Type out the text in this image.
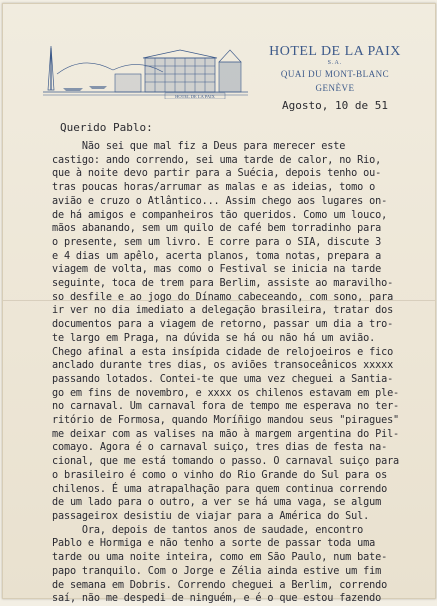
HOTEL DE LA PAIX
HOTEL DE LA PAIX
S.A.
QUAI DU MONT-BLANC
GENÈVE
Agosto, 10 de 51
Querido Pablo:
Não sei que mal fiz a Deus para merecer este
castigo: ando correndo, sei uma tarde de calor, no Rio,
que à noite devo partir para a Suécia, depois tenho ou-
tras poucas horas/arrumar as malas e as ideias, tomo o
avião e cruzo o Atlântico... Assim chego aos lugares on-
de há amigos e companheiros tão queridos. Como um louco,
mãos abanando, sem um quilo de café bem torradinho para
o presente, sem um livro. E corre para o SIA, discute 3
e 4 dias um apêlo, acerta planos, toma notas, prepara a
viagem de volta, mas como o Festival se inicia na tarde
seguinte, toca de trem para Berlim, assiste ao maravilho-
so desfile e ao jogo do Dínamo cabeceando, com sono, para
ir ver no dia imediato a delegação brasileira, tratar dos
documentos para a viagem de retorno, passar um dia a tro-
te largo em Praga, na dúvida se há ou não há um avião.
Chego afinal a esta insípida cidade de relojoeiros e fico
anclado durante tres dias, os aviões transoceânicos xxxxx
passando lotados. Contei-te que uma vez cheguei a Santia-
go em fins de novembro, e xxxx os chilenos estavam em ple-
no carnaval. Um carnaval fora de tempo me esperava no ter-
ritório de Formosa, quando Moríñigo mandou seus "piragues"
me deixar com as valises na mão à margem argentina do Pil-
comayo. Agora é o carnaval suiço, tres dias de festa na-
cional, que me está tomando o passo. O carnaval suiço para
o brasileiro é como o vinho do Rio Grande do Sul para os
chilenos. É uma atrapalhação para quem continua correndo
de um lado para o outro, a ver se há uma vaga, se algum
passageirox desistiu de viajar para a América do Sul.
Ora, depois de tantos anos de saudade, encontro
Pablo e Hormiga e não tenho a sorte de passar toda uma
tarde ou uma noite inteira, como em São Paulo, num bate-
papo tranquilo. Com o Jorge e Zélia ainda estive um fim
de semana em Dobris. Correndo cheguei a Berlim, correndo
saí, não me despedi de ninguém, e é o que estou fazendo
